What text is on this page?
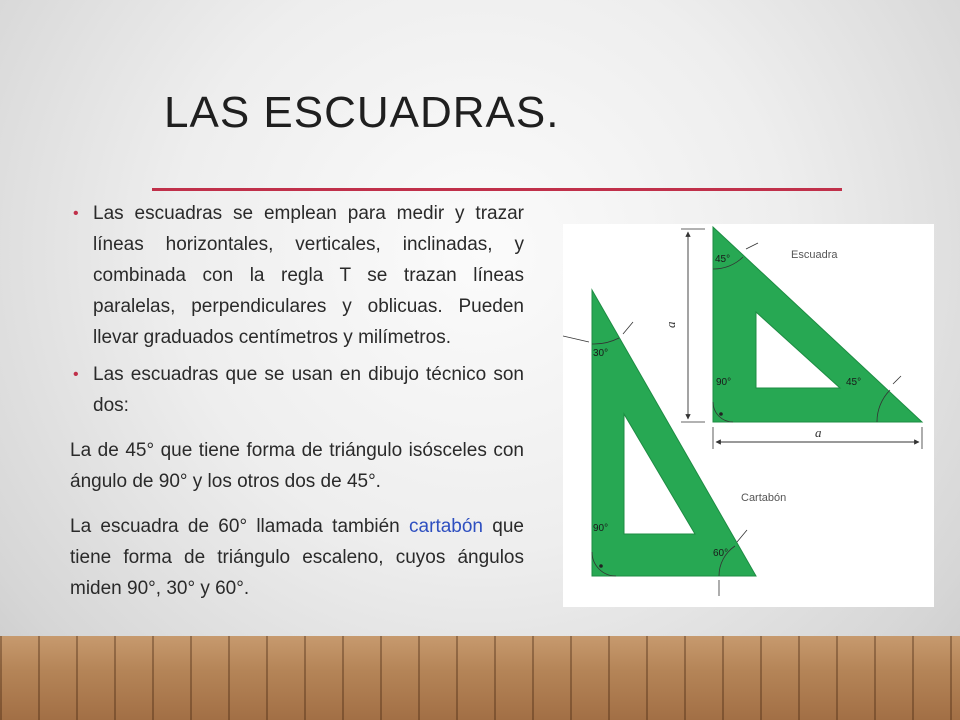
LAS ESCUADRAS.

• Las escuadras se emplean para medir y trazar líneas horizontales, verticales, inclinadas, y combinada con la regla T se trazan líneas paralelas, perpendiculares y oblicuas. Pueden llevar graduados centímetros y milímetros.

• Las escuadras que se usan en dibujo técnico son dos:

La de 45° que tiene forma de triángulo isósceles con ángulo de 90° y los otros dos de 45°.

La escuadra de 60° llamada también cartabón que tiene forma de triángulo escaleno, cuyos ángulos miden 90°, 30° y 60°.

a
a
Escuadra
Cartabón
45°
90°	45°
30°
90°
60°
